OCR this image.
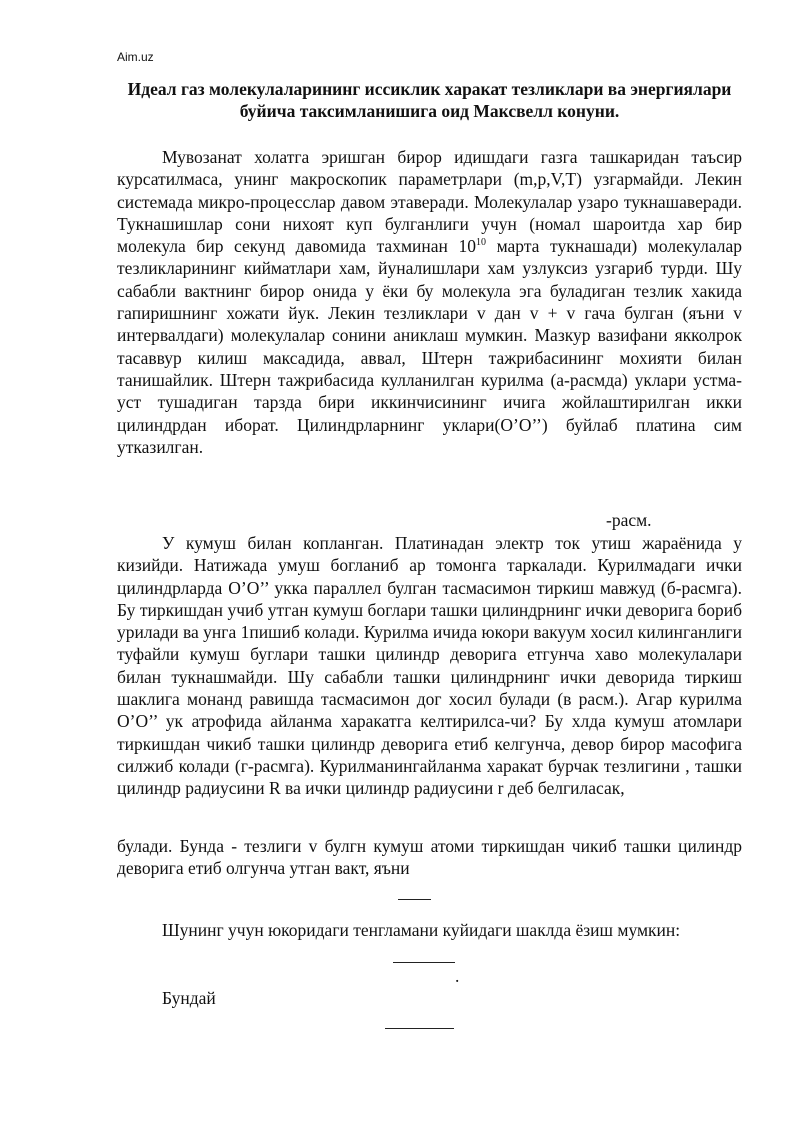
Aim.uz
Идеал газ молекулаларининг иссиклик харакат тезликлари ва энергиялари буйича таксимланишига оид Максвелл конуни.

Мувозанат холатга эришган бирор идишдаги газга ташкаридан таъсир курсатилмаса, унинг макроскопик параметрлари (m,p,V,T) узгармайди. Лекин системада микро-процесслар давом этаверади. Молекулалар узаро тукнашаверади. Тукнашишлар сони нихоят куп булганлиги учун (номал шароитда хар бир молекула бир секунд давомида тахминан $10^{10}$ марта тукнашади) молекулалар тезликларининг кийматлари хам, йуналишлари хам узлуксиз узгариб турди. Шу сабабли вактнинг бирор онида у ёки бу молекула эга буладиган тезлик хакида гапиришнинг хожати йук. Лекин тезликлари v дан v + v гача булган (яъни v интервалдаги) молекулалар сонини аниклаш мумкин. Мазкур вазифани якколрок тасаввур килиш максадида, аввал, Штерн тажрибасининг мохияти билан танишайлик. Штерн тажрибасида кулланилган курилма (а-расмда) уклари устма-уст тушадиган тарзда бири иккинчисининг ичига жойлаштирилган икки цилиндрдан иборат. Цилиндрларнинг уклари(О’О’’) буйлаб платина сим утказилган.

-расм.

У кумуш билан копланган. Платинадан электр ток утиш жараёнида у кизийди. Натижада умуш богланиб ар томонга таркалади. Курилмадаги ички цилиндрларда О’О’’ укка параллел булган тасмасимон тиркиш мавжуд (б-расмга). Бу тиркишдан учиб утган кумуш боглари ташки цилиндрнинг ички деворига бориб урилади ва унга 1пишиб колади. Курилма ичида юкори вакуум хосил килинганлиги туфайли кумуш буглари ташки цилиндр деворига етгунча хаво молекулалари билан тукнашмайди. Шу сабабли ташки цилиндрнинг ички деворида тиркиш шаклига монанд равишда тасмасимон дог хосил булади (в расм.). Агар курилма О’О’’ ук атрофида айланма харакатга келтирилса-чи? Бу хлда кумуш атомлари тиркишдан чикиб ташки цилиндр деворига етиб келгунча, девор бирор масофига силжиб колади (г-расмга). Курилманингайланма харакат бурчак тезлигини , ташки цилиндр радиусини R ва ички цилиндр радиусини r деб белгиласак,

булади. Бунда - тезлиги v булгн кумуш атоми тиркишдан чикиб ташки цилиндр деворига етиб олгунча утган вакт, яъни

Шунинг учун юкоридаги тенгламани куйидаги шаклда ёзиш мумкин:
.
Бундай
